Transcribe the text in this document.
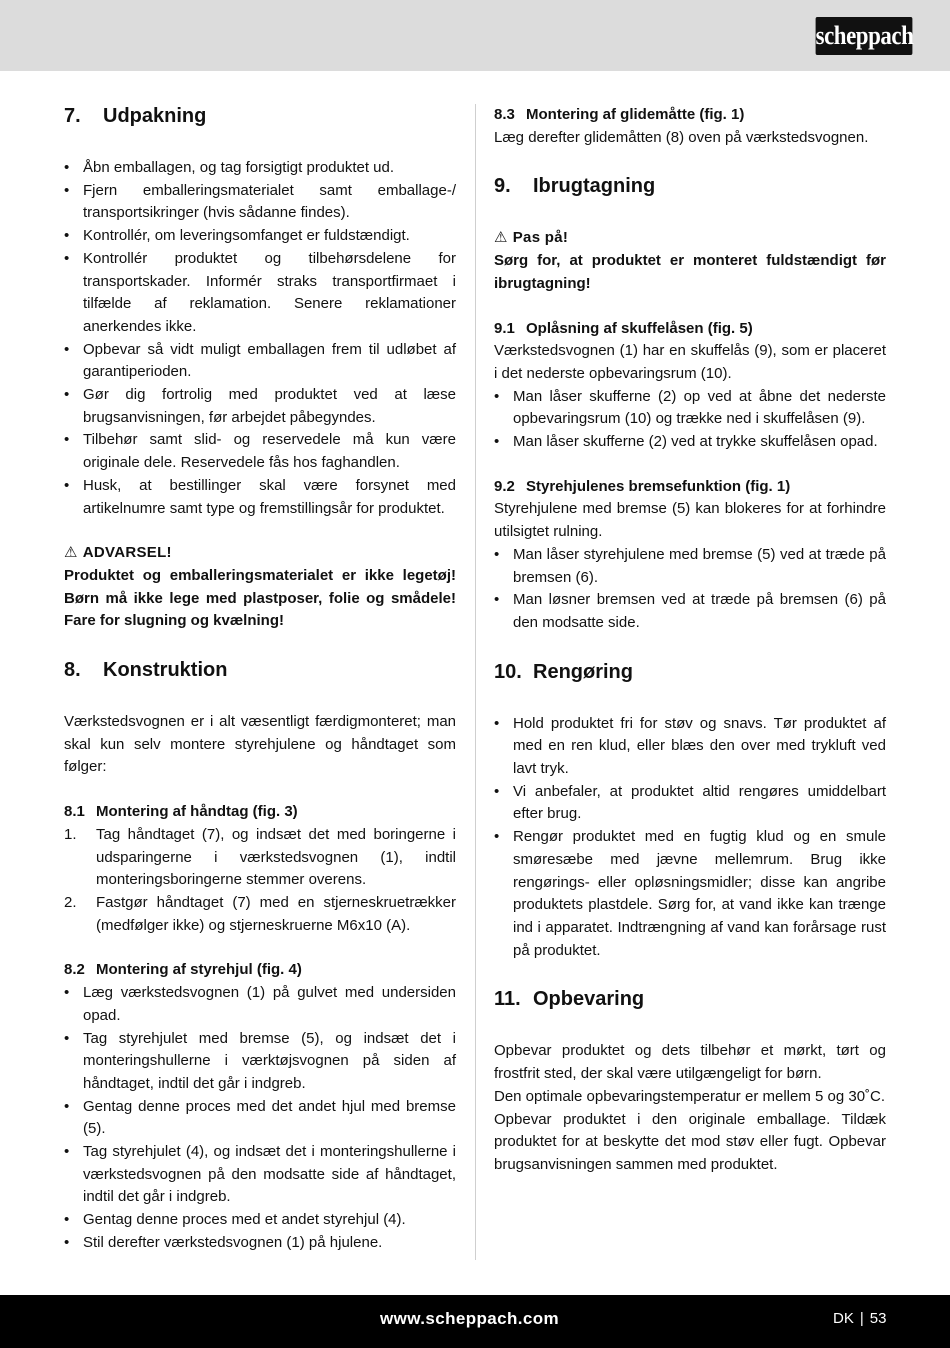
scheppach
7.	Udpakning
• Åbn emballagen, og tag forsigtigt produktet ud.
• Fjern emballeringsmaterialet samt emballage-/ transportsikringer (hvis sådanne findes).
• Kontrollér, om leveringsomfanget er fuldstændigt.
• Kontrollér produktet og tilbehørsdelene for transportskader. Informér straks transportfirmaet i tilfælde af reklamation. Senere reklamationer anerkendes ikke.
• Opbevar så vidt muligt emballagen frem til udløbet af garantiperioden.
• Gør dig fortrolig med produktet ved at læse brugsanvisningen, før arbejdet påbegyndes.
• Tilbehør samt slid- og reservedele må kun være originale dele. Reservedele fås hos faghandlen.
• Husk, at bestillinger skal være forsynet med artikelnumre samt type og fremstillingsår for produktet.

⚠ ADVARSEL!

Produktet og emballeringsmaterialet er ikke legetøj! Børn må ikke lege med plastposer, folie og smådele! Fare for slugning og kvælning!

8.	Konstruktion

Værkstedsvognen er i alt væsentligt færdigmonteret; man skal kun selv montere styrehjulene og håndtaget som følger:

8.1 Montering af håndtag (fig. 3)

1. Tag håndtaget (7), og indsæt det med boringerne i udsparingerne i værkstedsvognen (1), indtil monteringsboringerne stemmer overens.
2. Fastgør håndtaget (7) med en stjerneskruetrækker (medfølger ikke) og stjerneskruerne M6x10 (A).

8.2 Montering af styrehjul (fig. 4)

• Læg værkstedsvognen (1) på gulvet med undersiden opad.
• Tag styrehjulet med bremse (5), og indsæt det i monteringshullerne i værktøjsvognen på siden af håndtaget, indtil det går i indgreb.
• Gentag denne proces med det andet hjul med bremse (5).
• Tag styrehjulet (4), og indsæt det i monteringshullerne i værkstedsvognen på den modsatte side af håndtaget, indtil det går i indgreb.
• Gentag denne proces med et andet styrehjul (4).
• Stil derefter værkstedsvognen (1) på hjulene.

8.3 Montering af glidemåtte (fig. 1)

Læg derefter glidemåtten (8) oven på værkstedsvognen.

9.	Ibrugtagning

⚠ Pas på!

Sørg for, at produktet er monteret fuldstændigt før ibrugtagning!

9.1 Oplåsning af skuffelåsen (fig. 5)

Værkstedsvognen (1) har en skuffelås (9), som er placeret i det nederste opbevaringsrum (10).

• Man låser skufferne (2) op ved at åbne det nederste opbevaringsrum (10) og trække ned i skuffelåsen (9).
• Man låser skufferne (2) ved at trykke skuffelåsen opad.

9.2 Styrehjulenes bremsefunktion (fig. 1)

Styrehjulene med bremse (5) kan blokeres for at forhindre utilsigtet rulning.

• Man låser styrehjulene med bremse (5) ved at træde på bremsen (6).
• Man løsner bremsen ved at træde på bremsen (6) på den modsatte side.
10. Rengøring
• Hold produktet fri for støv og snavs. Tør produktet af med en ren klud, eller blæs den over med trykluft ved lavt tryk.
• Vi anbefaler, at produktet altid rengøres umiddelbart efter brug.
• Rengør produktet med en fugtig klud og en smule smøresæbe med jævne mellemrum. Brug ikke rengørings- eller opløsningsmidler; disse kan angribe produktets plastdele. Sørg for, at vand ikke kan trænge ind i apparatet. Indtrængning af vand kan forårsage rust på produktet.
11. Opbevaring

Opbevar produktet og dets tilbehør et mørkt, tørt og frostfrit sted, der skal være utilgængeligt for børn.

Den optimale opbevaringstemperatur er mellem 5 og 30˚C.

Opbevar produktet i den originale emballage. Tildæk produktet for at beskytte det mod støv eller fugt. Opbevar brugsanvisningen sammen med produktet.

www.scheppach.com	DK | 53
